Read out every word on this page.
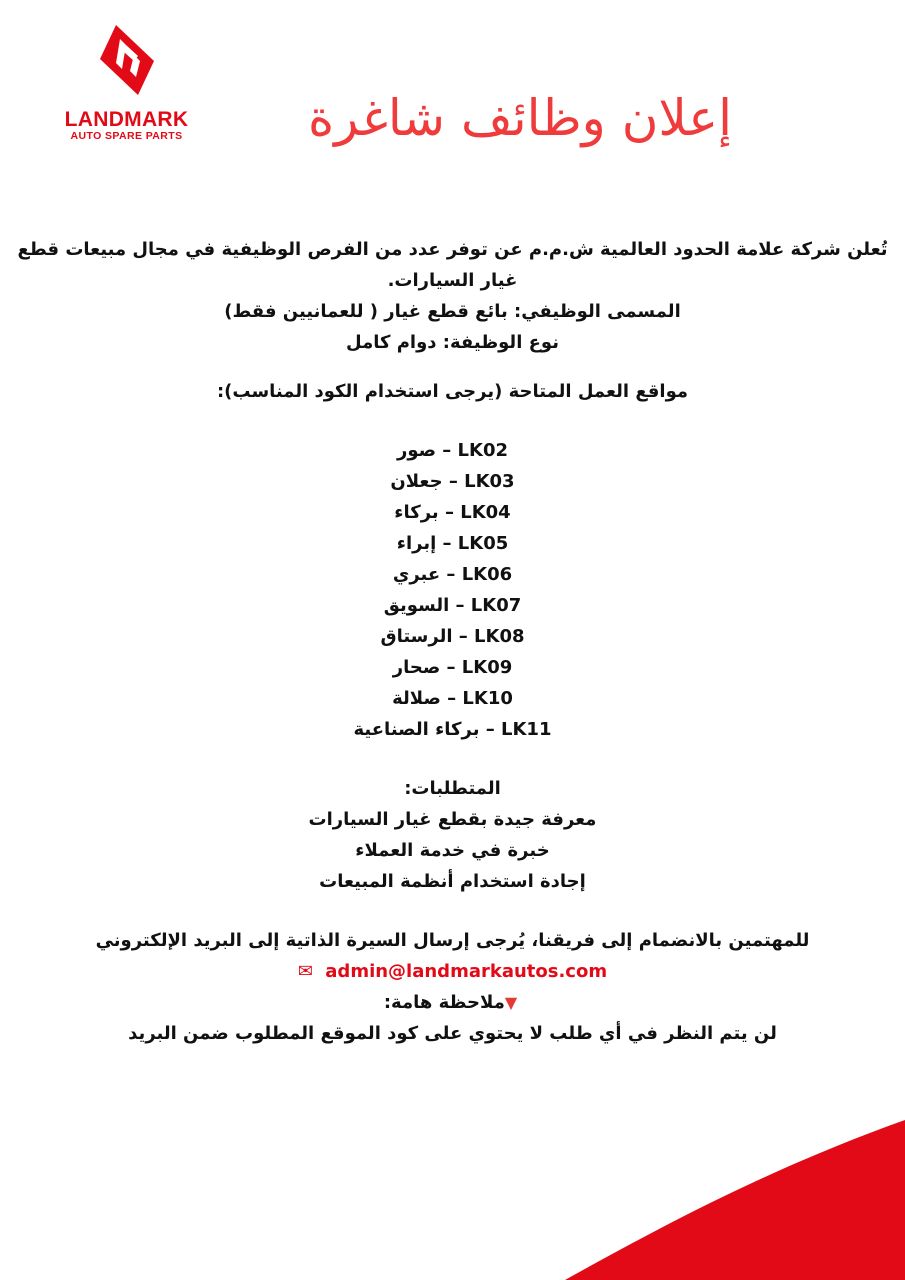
LANDMARK
AUTO SPARE PARTS	إعلان وظائف شاغرة

تُعلن شركة علامة الحدود العالمية ش.م.م عن توفر عدد من الفرص الوظيفية في مجال مبيعات قطع غيار السيارات.

المسمى الوظيفي: بائع قطع غيار ( للعمانيين فقط)

نوع الوظيفة: دوام كامل

مواقع العمل المتاحة (يرجى استخدام الكود المناسب):

LK02 – صور

LK03 – جعلان

LK04 – بركاء

LK05 – إبراء

LK06 – عبري

LK07 – السويق

LK08 – الرستاق

LK09 – صحار

LK10 – صلالة

LK11 – بركاء الصناعية

المتطلبات:

معرفة جيدة بقطع غيار السيارات

خبرة في خدمة العملاء

إجادة استخدام أنظمة المبيعات

للمهتمين بالانضمام إلى فريقنا، يُرجى إرسال السيرة الذاتية إلى البريد الإلكتروني

admin@landmarkautos.com ✉

▼ملاحظة هامة:

لن يتم النظر في أي طلب لا يحتوي على كود الموقع المطلوب ضمن البريد
